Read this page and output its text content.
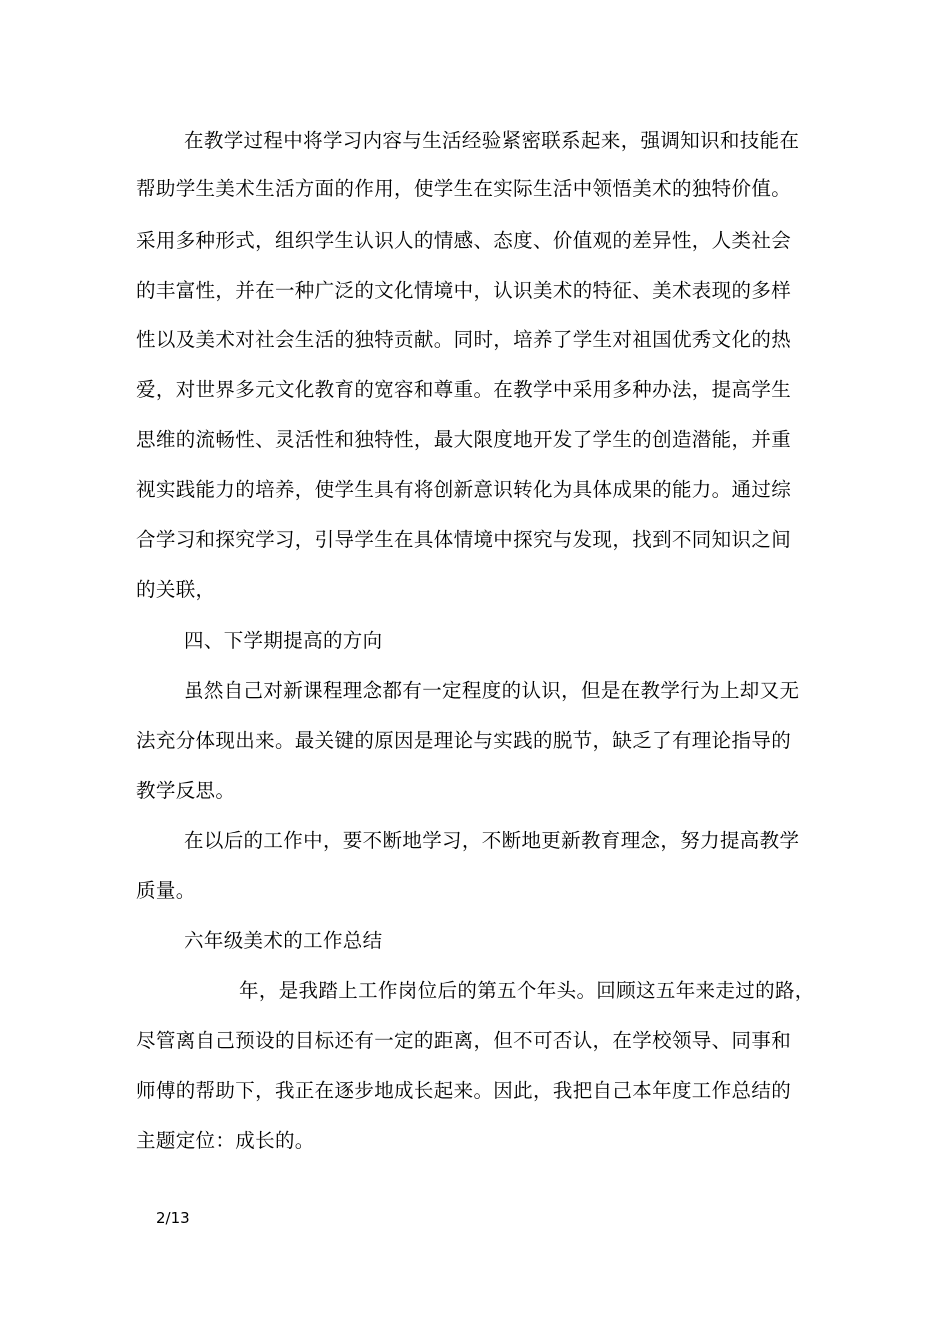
在教学过程中将学习内容与生活经验紧密联系起来，强调知识和技能在
帮助学生美术生活方面的作用，使学生在实际生活中领悟美术的独特价值。
采用多种形式，组织学生认识人的情感、态度、价值观的差异性，人类社会
的丰富性，并在一种广泛的文化情境中，认识美术的特征、美术表现的多样
性以及美术对社会生活的独特贡献。同时，培养了学生对祖国优秀文化的热
爱，对世界多元文化教育的宽容和尊重。在教学中采用多种办法，提高学生
思维的流畅性、灵活性和独特性，最大限度地开发了学生的创造潜能，并重
视实践能力的培养，使学生具有将创新意识转化为具体成果的能力。通过综
合学习和探究学习，引导学生在具体情境中探究与发现，找到不同知识之间
的关联，
四、下学期提高的方向
虽然自己对新课程理念都有一定程度的认识，但是在教学行为上却又无
法充分体现出来。最关键的原因是理论与实践的脱节，缺乏了有理论指导的
教学反思。
在以后的工作中，要不断地学习，不断地更新教育理念，努力提高教学
质量。
六年级美术的工作总结
年，是我踏上工作岗位后的第五个年头。回顾这五年来走过的路，
尽管离自己预设的目标还有一定的距离，但不可否认，在学校领导、同事和
师傅的帮助下，我正在逐步地成长起来。因此，我把自己本年度工作总结的
主题定位：成长的。
2/13
